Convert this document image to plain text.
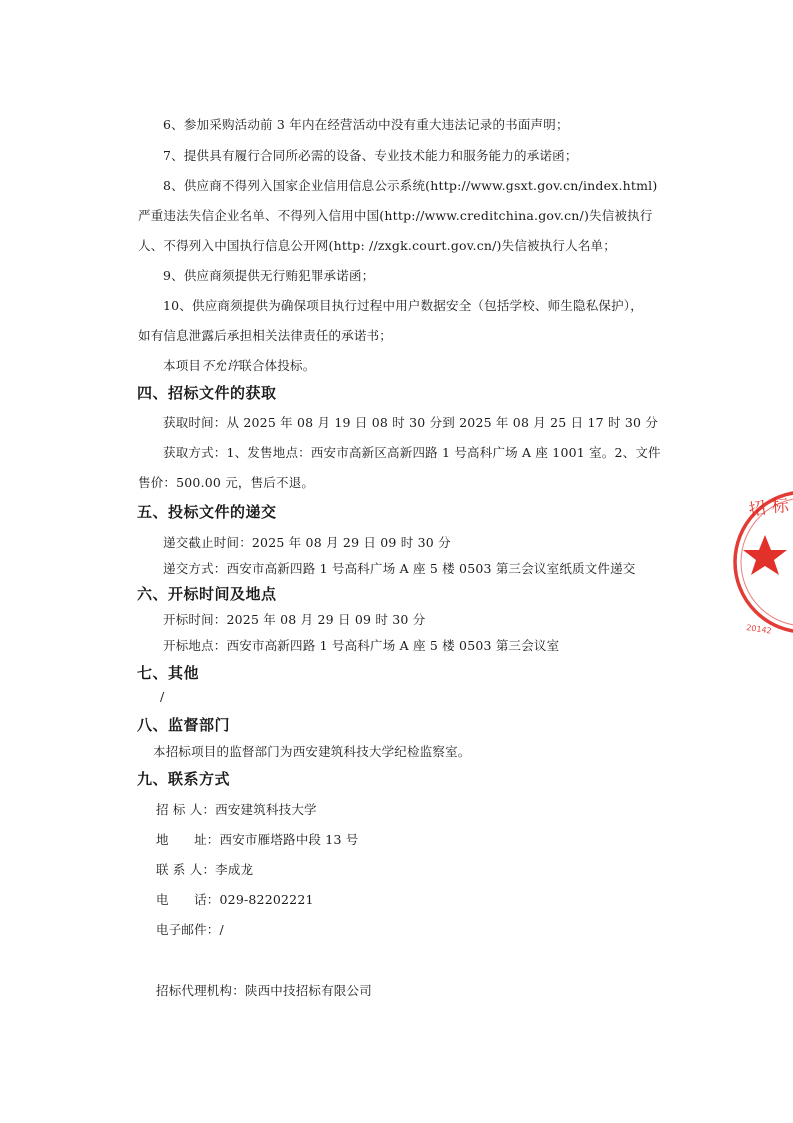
6、参加采购活动前 3 年内在经营活动中没有重大违法记录的书面声明；
7、提供具有履行合同所必需的设备、专业技术能力和服务能力的承诺函；
8、供应商不得列入国家企业信用信息公示系统(http://www.gsxt.gov.cn/index.html)
严重违法失信企业名单、不得列入信用中国(http://www.creditchina.gov.cn/)失信被执行
人、不得列入中国执行信息公开网(http: //zxgk.court.gov.cn/)失信被执行人名单；
9、供应商须提供无行贿犯罪承诺函；
10、供应商须提供为确保项目执行过程中用户数据安全（包括学校、师生隐私保护），
如有信息泄露后承担相关法律责任的承诺书；
本项目不允许联合体投标。
四、招标文件的获取
获取时间：从 2025 年 08 月 19 日 08 时 30 分到 2025 年 08 月 25 日 17 时 30 分
获取方式：1、发售地点：西安市高新区高新四路 1 号高科广场 A 座 1001 室。2、文件
售价：500.00 元，售后不退。
五、投标文件的递交
递交截止时间：2025 年 08 月 29 日 09 时 30 分
递交方式：西安市高新四路 1 号高科广场 A 座 5 楼 0503 第三会议室纸质文件递交
六、开标时间及地点
开标时间：2025 年 08 月 29 日 09 时 30 分
开标地点：西安市高新四路 1 号高科广场 A 座 5 楼 0503 第三会议室
七、其他
/
八、监督部门
本招标项目的监督部门为西安建筑科技大学纪检监察室。
九、联系方式
招 标 人：西安建筑科技大学
地　　址：西安市雁塔路中段 13 号
联 系 人：李成龙
电　　话：029-82202221
电子邮件：/
招标代理机构：陕西中技招标有限公司
招 标
20142
